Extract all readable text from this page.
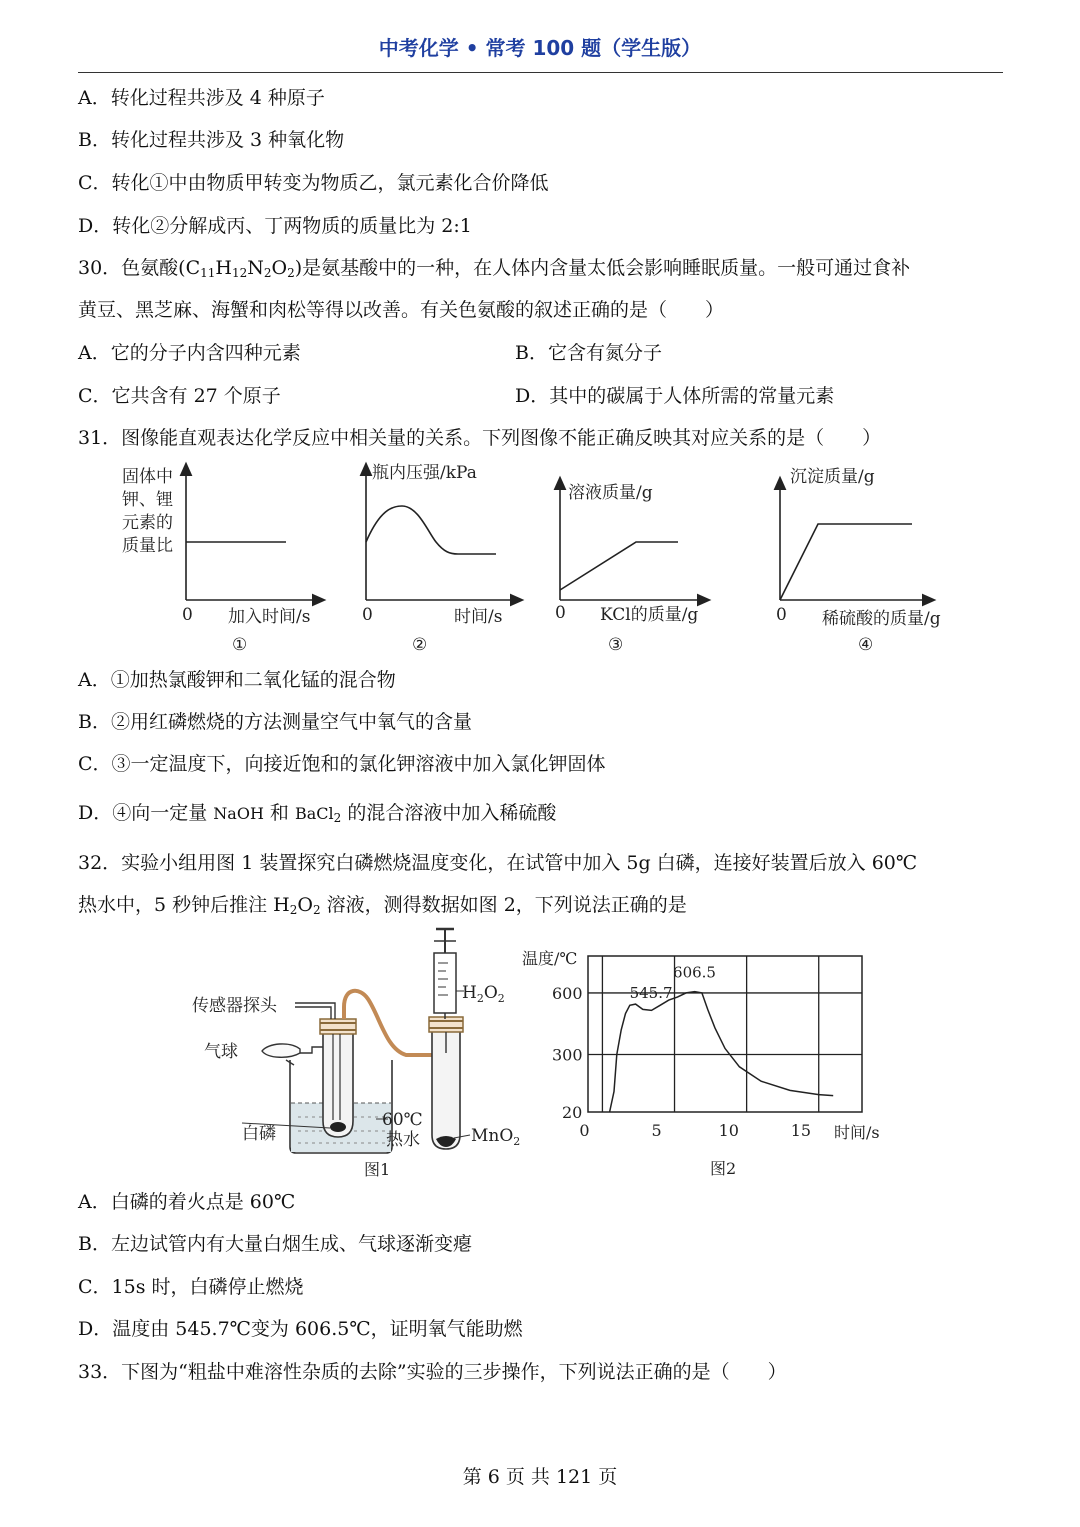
中考化学 • 常考 100 题（学生版）
A．转化过程共涉及 4 种原子
B．转化过程共涉及 3 种氧化物
C．转化①中由物质甲转变为物质乙，氯元素化合价降低
D．转化②分解成丙、丁两物质的质量比为 2:1
30．色氨酸$(C_{11}H_{12}N_2O_2)$是氨基酸中的一种，在人体内含量太低会影响睡眠质量。一般可通过食补
黄豆、黑芝麻、海蟹和肉松等得以改善。有关色氨酸的叙述正确的是（　　）
A．它的分子内含四种元素	B．它含有氮分子
C．它共含有 27 个原子	D．其中的碳属于人体所需的常量元素
31．图像能直观表达化学反应中相关量的关系。下列图像不能正确反映其对应关系的是（　　）
固体中
钾、锂
元素的
质量比
0 加入时间/s
①
瓶内压强/kPa
0	时间/s
②
溶液质量/g
0 KCl的质量/g
③
沉淀质量/g
0 稀硫酸的质量/g
④
A．①加热氯酸钾和二氧化锰的混合物
B．②用红磷燃烧的方法测量空气中氧气的含量
C．③一定温度下，向接近饱和的氯化钾溶液中加入氯化钾固体
D．④向一定量 NaOH 和 BaCl$_2$ 的混合溶液中加入稀硫酸
32．实验小组用图 1 装置探究白磷燃烧温度变化，在试管中加入 5g 白磷，连接好装置后放入 60℃
热水中，5 秒钟后推注 $H_2O_2$ 溶液，测得数据如图 2，下列说法正确的是
传感器探头
气球
白磷
60℃
热水
$H_2O_2$
MnO$_2$
图1
0	5	10	15
20
300
600
温度/℃
时间/s
545.7
606.5
图2
A．白磷的着火点是 60℃
B．左边试管内有大量白烟生成、气球逐渐变瘪
C．15s 时，白磷停止燃烧
D．温度由 545.7℃变为 606.5℃，证明氧气能助燃
33．下图为“粗盐中难溶性杂质的去除”实验的三步操作，下列说法正确的是（　　）
第 6 页 共 121 页
